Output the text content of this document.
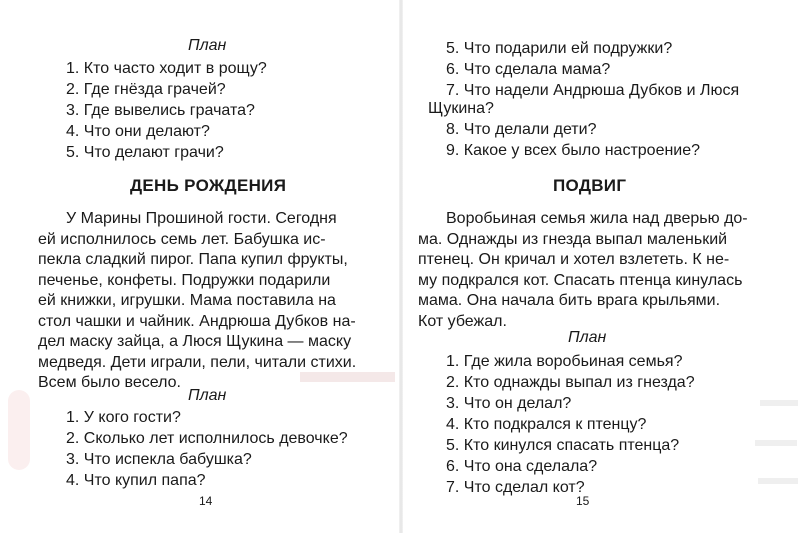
План
1. Кто часто ходит в рощу?
2. Где гнёзда грачей?
3. Где вывелись грачата?
4. Что они делают?
5. Что делают грачи?
ДЕНЬ РОЖДЕНИЯ
У Марины Прошиной гости. Сегодня
ей исполнилось семь лет. Бабушка ис-
пекла сладкий пирог. Папа купил фрукты,
печенье, конфеты. Подружки подарили
ей книжки, игрушки. Мама поставила на
стол чашки и чайник. Андрюша Дубков на-
дел маску зайца, а Люся Щукина — маску
медведя. Дети играли, пели, читали стихи.
Всем было весело.
План
1. У кого гости?
2. Сколько лет исполнилось девочке?
3. Что испекла бабушка?
4. Что купил папа?
14
5. Что подарили ей подружки?
6. Что сделала мама?
7. Что надели Андрюша Дубков и Люся
Щукина?
8. Что делали дети?
9. Какое у всех было настроение?
ПОДВИГ
Воробьиная семья жила над дверью до-
ма. Однажды из гнезда выпал маленький
птенец. Он кричал и хотел взлететь. К не-
му подкрался кот. Спасать птенца кинулась
мама. Она начала бить врага крыльями.
Кот убежал.
План
1. Где жила воробьиная семья?
2. Кто однажды выпал из гнезда?
3. Что он делал?
4. Кто подкрался к птенцу?
5. Кто кинулся спасать птенца?
6. Что она сделала?
7. Что сделал кот?
15
